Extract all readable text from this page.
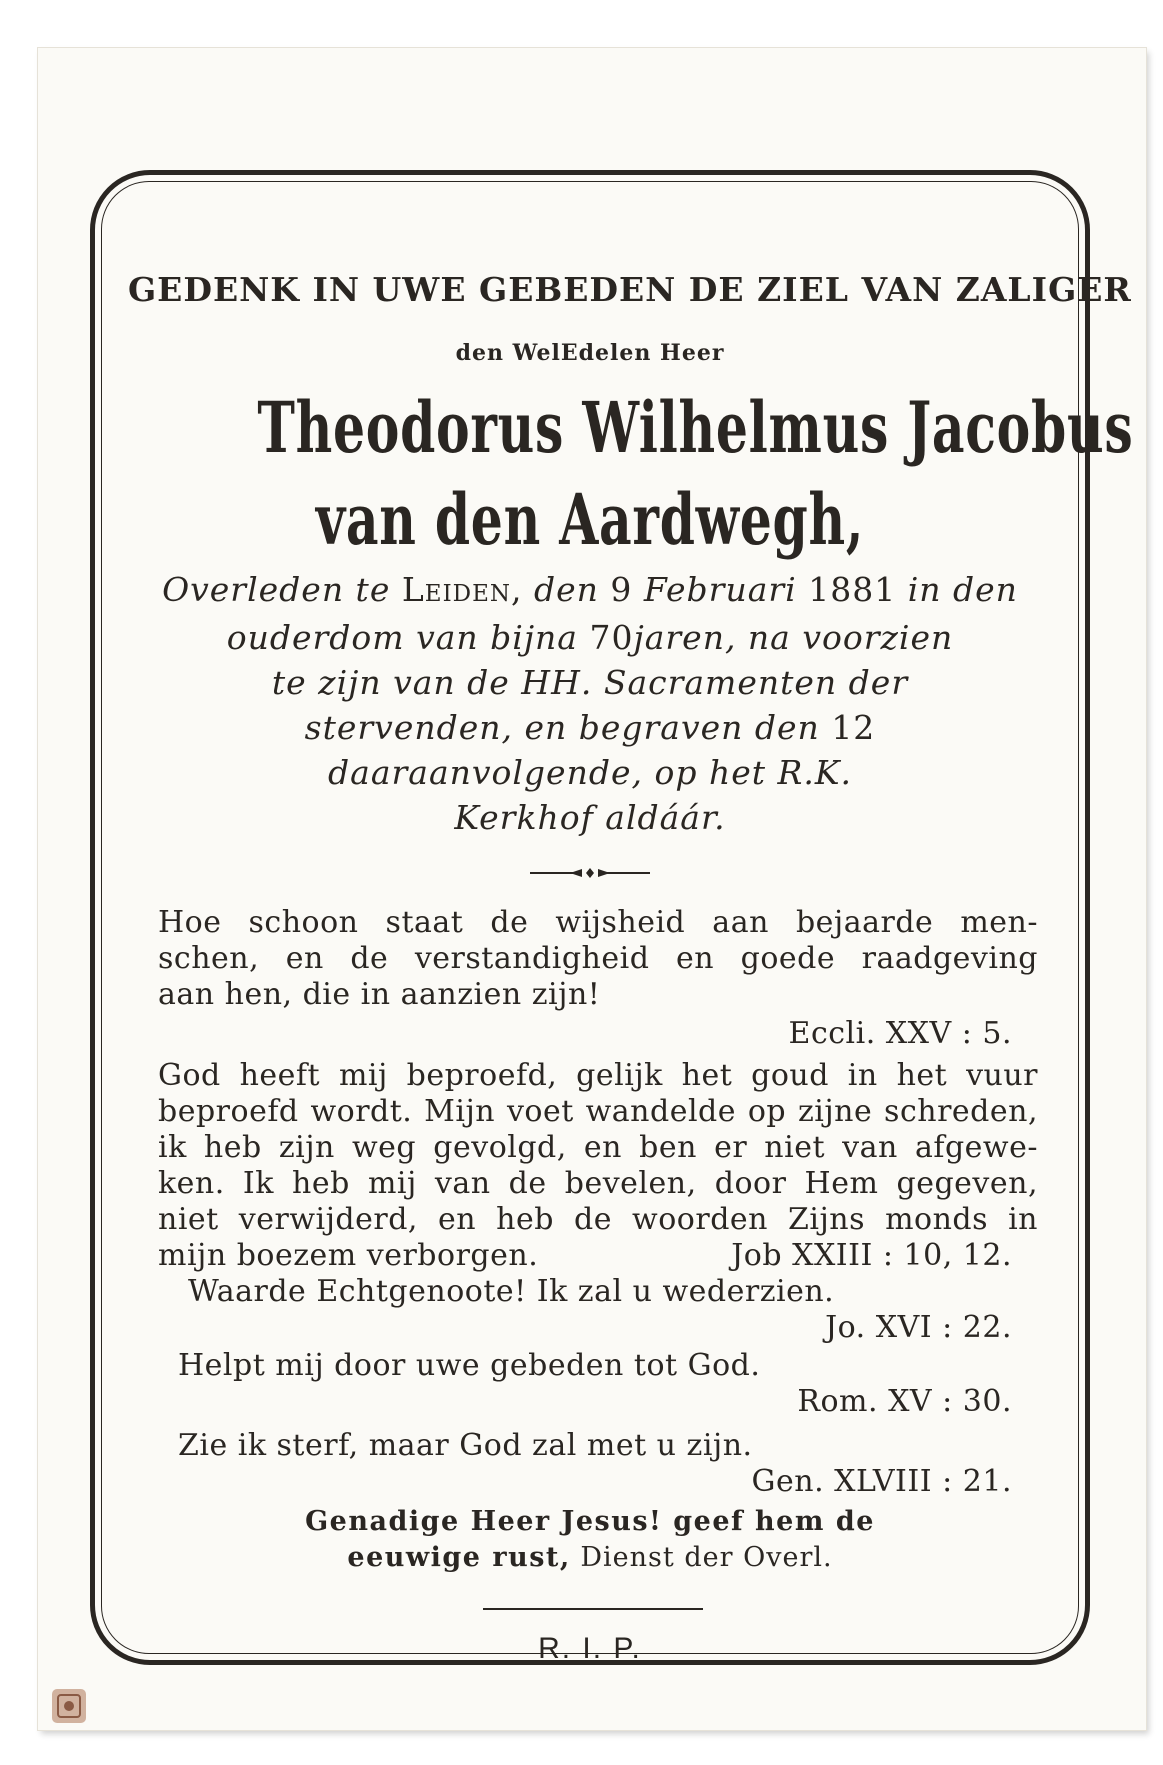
GEDENK IN UWE GEBEDEN DE ZIEL VAN ZALIGER
den WelEdelen Heer
Theodorus Wilhelmus Jacobus
van den Aardwegh,
Overleden te Leiden, den 9 Februari 1881 in den
ouderdom van bijna 70jaren, na voorzien
te zijn van de HH. Sacramenten der
stervenden, en begraven den 12
daaraanvolgende, op het R.K.
Kerkhof aldáár.
Hoe schoon staat de wijsheid aan bejaarde men-
schen, en de verstandigheid en goede raadgeving
aan hen, die in aanzien zijn!
Eccli. XXV : 5.
God heeft mij beproefd, gelijk het goud in het vuur
beproefd wordt. Mijn voet wandelde op zijne schreden,
ik heb zijn weg gevolgd, en ben er niet van afgewe-
ken. Ik heb mij van de bevelen, door Hem gegeven,
niet verwijderd, en heb de woorden Zijns monds in
mijn boezem verborgen.	Job XXIII : 10, 12.
Waarde Echtgenoote! Ik zal u wederzien.
Jo. XVI : 22.
Helpt mij door uwe gebeden tot God.
Rom. XV : 30.
Zie ik sterf, maar God zal met u zijn.
Gen. XLVIII : 21.
Genadige Heer Jesus! geef hem de
eeuwige rust, Dienst der Overl.
R. I. P.
